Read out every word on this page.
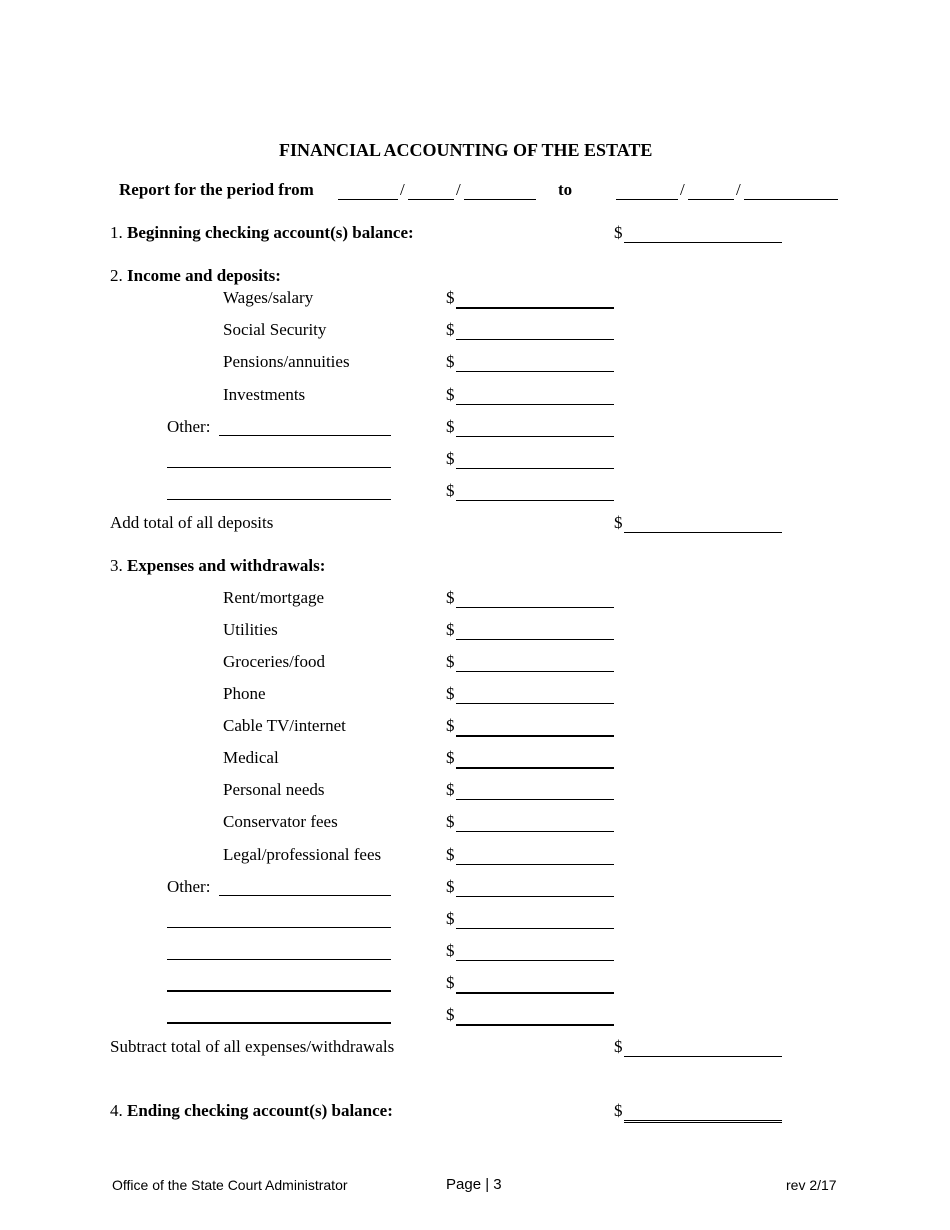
FINANCIAL ACCOUNTING OF THE ESTATE
Report for the period from	/	/	to	/	/
1. Beginning checking account(s) balance:	$
2. Income and deposits:
Wages/salary	$
Social Security	$
Pensions/annuities	$
Investments	$
Other:	$
$
$
Add total of all deposits	$
3. Expenses and withdrawals:
Rent/mortgage	$
Utilities	$
Groceries/food	$
Phone	$
Cable TV/internet	$
Medical	$
Personal needs	$
Conservator fees	$
Legal/professional fees	$
Other:	$
$
$
$
$
Subtract total of all expenses/withdrawals	$
4. Ending checking account(s) balance:	$
Office of the State Court Administrator	Page | 3	rev 2/17
